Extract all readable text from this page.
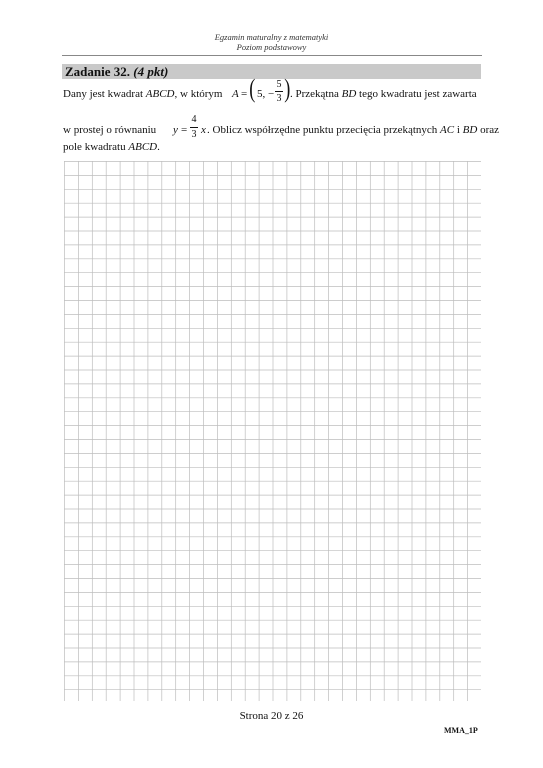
Egzamin maturalny z matematyki
Poziom podstawowy
Zadanie 32. (4 pkt)
Dany jest kwadrat ABCD, w którym A = ( 5, −
5
3 ) . Przekątna BD tego kwadratu jest zawarta
w prostej o równaniu y =
4
3 x . Oblicz współrzędne punktu przecięcia przekątnych AC i BD oraz
pole kwadratu ABCD.
Strona 20 z 26
MMA_1P
